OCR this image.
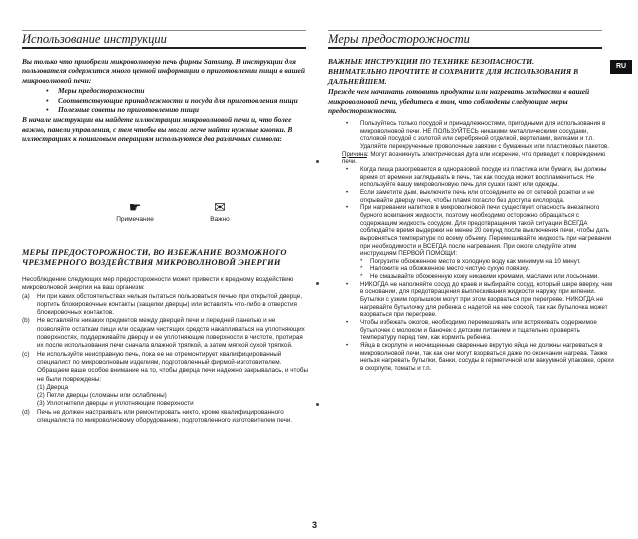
Использование инструкции	Меры предосторожности
RU
Вы только что приобрели микроволновую печь фирмы Samsung. В инструкции для пользователя содержится много ценной информации о приготовлении пищи в вашей микроволновой печи:
• Меры предосторожности
• Соответствующие принадлежности и посуда для приготовления пищи
• Полезные советы по приготовлению пищи
В начале инструкции вы найдете иллюстрации микроволновой печи и, что более важно, панели управления, с тем чтобы вы могли легче найти нужные кнопки. В иллюстрациях к пошаговым операциям используются два различных символа:
☛
Примечание
✉
Важно
МЕРЫ ПРЕДОСТОРОЖНОСТИ, ВО ИЗБЕЖАНИЕ ВОЗМОЖНОГО ЧРЕЗМЕРНОГО ВОЗДЕЙСТВИЯ МИКРОВОЛНОВОЙ ЭНЕРГИИ

Несоблюдение следующих мер предосторожности может привести к вредному воздействию микроволновой энергии на ваш организм:

(a) Ни при каких обстоятельствах нельзя пытаться пользоваться печью при открытой дверце, портить блокировочные контакты (защелки дверцы) или вставлять что-либо в отверстия блокировочных контактов.
(b) Не вставляйте никаких предметов между дверцей печи и передней панелью и не позволяйте остаткам пищи или осадкам чистящих средств накапливаться на уплотняющих поверхностях, поддерживайте дверцу и ее уплотняющие поверхности в чистоте, протирая их после использования печи сначала влажной тряпкой, а затем мягкой сухой тряпкой.
(c) Не используйте неисправную печь, пока ее не отремонтирует квалифицированный специалист по микроволновым изделиям, подготовленный фирмой-изготовителем. Обращаем ваше особое внимание на то, чтобы дверца печи надежно закрывалась, и чтобы не были повреждены:
(1) Дверца
(2) Петли дверцы (сломаны или ослаблены)
(3) Уплотнители дверцы и уплотняющие поверхности
(d) Печь не должен настраивать или ремонтировать никто, кроме квалифицированного специалиста по микроволновому оборудованию, подготовленного изготовителем печи.

ВАЖНЫЕ ИНСТРУКЦИИ ПО ТЕХНИКЕ БЕЗОПАСНОСТИ.

ВНИМАТЕЛЬНО ПРОЧТИТЕ И СОХРАНИТЕ ДЛЯ ИСПОЛЬЗОВАНИЯ В ДАЛЬНЕЙШЕМ.

Прежде чем начинать готовить продукты или нагревать жидкости в вашей микроволновой печи, убедитесь в том, что соблюдены следующие меры предосторожности.

• Пользуйтесь только посудой и принадлежностями, пригодными для использования в микроволновой печи. НЕ ПОЛЬЗУЙТЕСЬ никакими металлическими сосудами, столовой посудой с золотой или серебряной отделкой, вертелами, вилками и т.п. Удаляйте перекрученные проволочные завязки с бумажных или пластиковых пакетов.

Причина: Могут возникнуть электрическая дуга или искрение, что приведет к повреждению печи.

• Когда пища разогревается в одноразовой посуде из пластика или бумаги, вы должны время от времени заглядывать в печь, так как посуда может воспламениться. Не используйте вашу микроволновую печь для сушки газет или одежды.

• Если заметите дым, выключите печь или отсоедините ее от сетевой розетки и не открывайте дверцу печи, чтобы пламя погасло без доступа кислорода.

• При нагревании напитков в микроволновой печи существует опасность внезапного бурного вскипания жидкости, поэтому необходимо осторожно обращаться с содержащим жидкость сосудом. Для предотвращения такой ситуации ВСЕГДА соблюдайте время выдержки не менее 20 секунд после выключения печи, чтобы дать выровняться температуре по всему объему. Перемешивайте жидкость при нагревании при необходимости и ВСЕГДА после нагревания. При ожоге следуйте этим инструкциям ПЕРВОЙ ПОМОЩИ:

* Погрузите обожженное место в холодную воду как минимум на 10 минут.

* Наложите на обожженное место чистую сухую повязку.

* Не смазывайте обожженную кожу никакими кремами, маслами или лосьонами.

• НИКОГДА не наполняйте сосуд до краев и выбирайте сосуд, который шире вверху, чем в основании, для предотвращения выплескивания жидкости наружу при кипении. Бутылки с узким горлышком могут при этом взорваться при перегреве. НИКОГДА не нагревайте бутылочку для ребенка с надетой на нее соской, так как бутылочка может взорваться при перегреве.

• Чтобы избежать ожогов, необходимо перемешивать или встряхивать содержимое бутылочек с молоком и баночек с детским питанием и тщательно проверять температуру перед тем, как кормить ребенка.

• Яйца в скорлупе и неочищенные сваренные вкрутую яйца не должны нагреваться в микроволновой печи, так как они могут взорваться даже по окончании нагрева. Также нельзя нагревать бутылки, банки, сосуды в герметичной или вакуумной упаковке, орехи в скорлупе, томаты и т.п.

3
